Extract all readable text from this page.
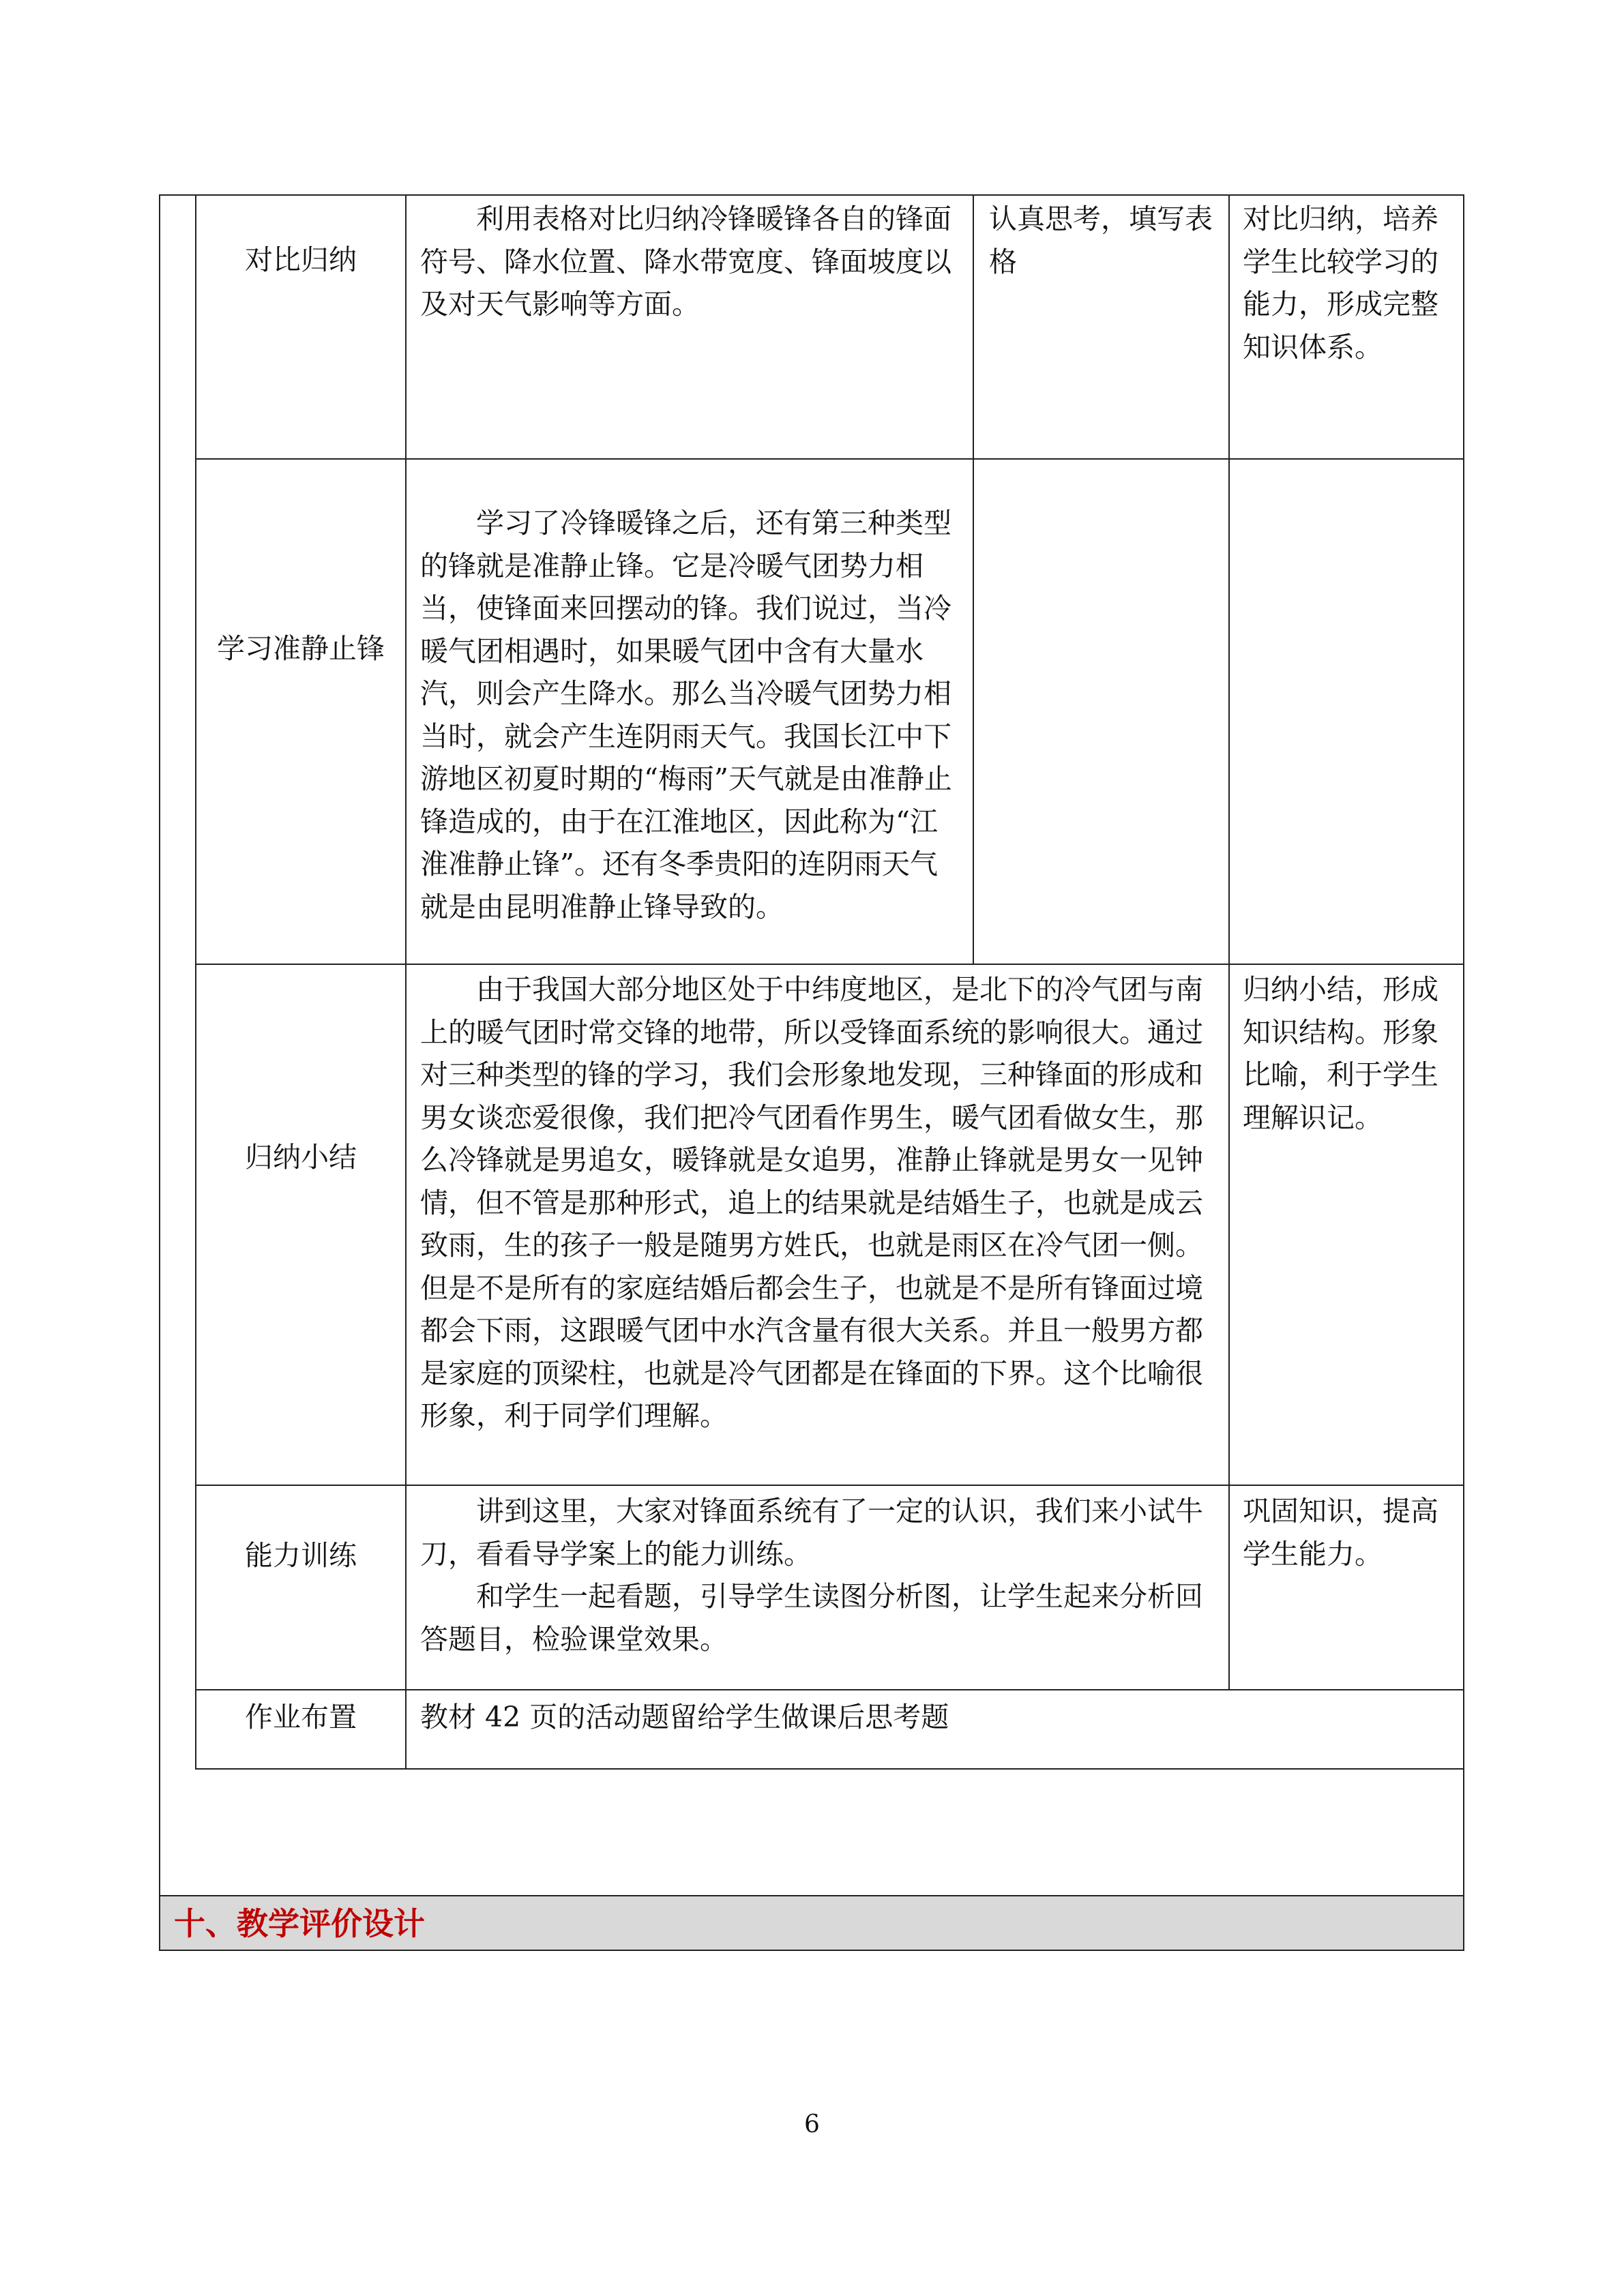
对比归纳
利用表格对比归纳冷锋暖锋各自的锋面符号、降水位置、降水带宽度、锋面坡度以及对天气影响等方面。
认真思考，填写表格
对比归纳，培养学生比较学习的能力，形成完整知识体系。
学习准静止锋
学习了冷锋暖锋之后，还有第三种类型的锋就是准静止锋。它是冷暖气团势力相当，使锋面来回摆动的锋。我们说过，当冷暖气团相遇时，如果暖气团中含有大量水汽，则会产生降水。那么当冷暖气团势力相当时，就会产生连阴雨天气。我国长江中下游地区初夏时期的“梅雨”天气就是由准静止锋造成的，由于在江淮地区，因此称为“江淮准静止锋”。还有冬季贵阳的连阴雨天气就是由昆明准静止锋导致的。
归纳小结
由于我国大部分地区处于中纬度地区，是北下的冷气团与南上的暖气团时常交锋的地带，所以受锋面系统的影响很大。通过对三种类型的锋的学习，我们会形象地发现，三种锋面的形成和男女谈恋爱很像，我们把冷气团看作男生，暖气团看做女生，那么冷锋就是男追女，暖锋就是女追男，准静止锋就是男女一见钟情，但不管是那种形式，追上的结果就是结婚生子，也就是成云致雨，生的孩子一般是随男方姓氏，也就是雨区在冷气团一侧。但是不是所有的家庭结婚后都会生子，也就是不是所有锋面过境都会下雨，这跟暖气团中水汽含量有很大关系。并且一般男方都是家庭的顶梁柱，也就是冷气团都是在锋面的下界。这个比喻很形象，利于同学们理解。
归纳小结，形成知识结构。形象比喻，利于学生理解识记。
能力训练
讲到这里，大家对锋面系统有了一定的认识，我们来小试牛刀，看看导学案上的能力训练。
和学生一起看题，引导学生读图分析图，让学生起来分析回答题目，检验课堂效果。
巩固知识，提高学生能力。
作业布置	教材 42 页的活动题留给学生做课后思考题
十、教学评价设计
6
